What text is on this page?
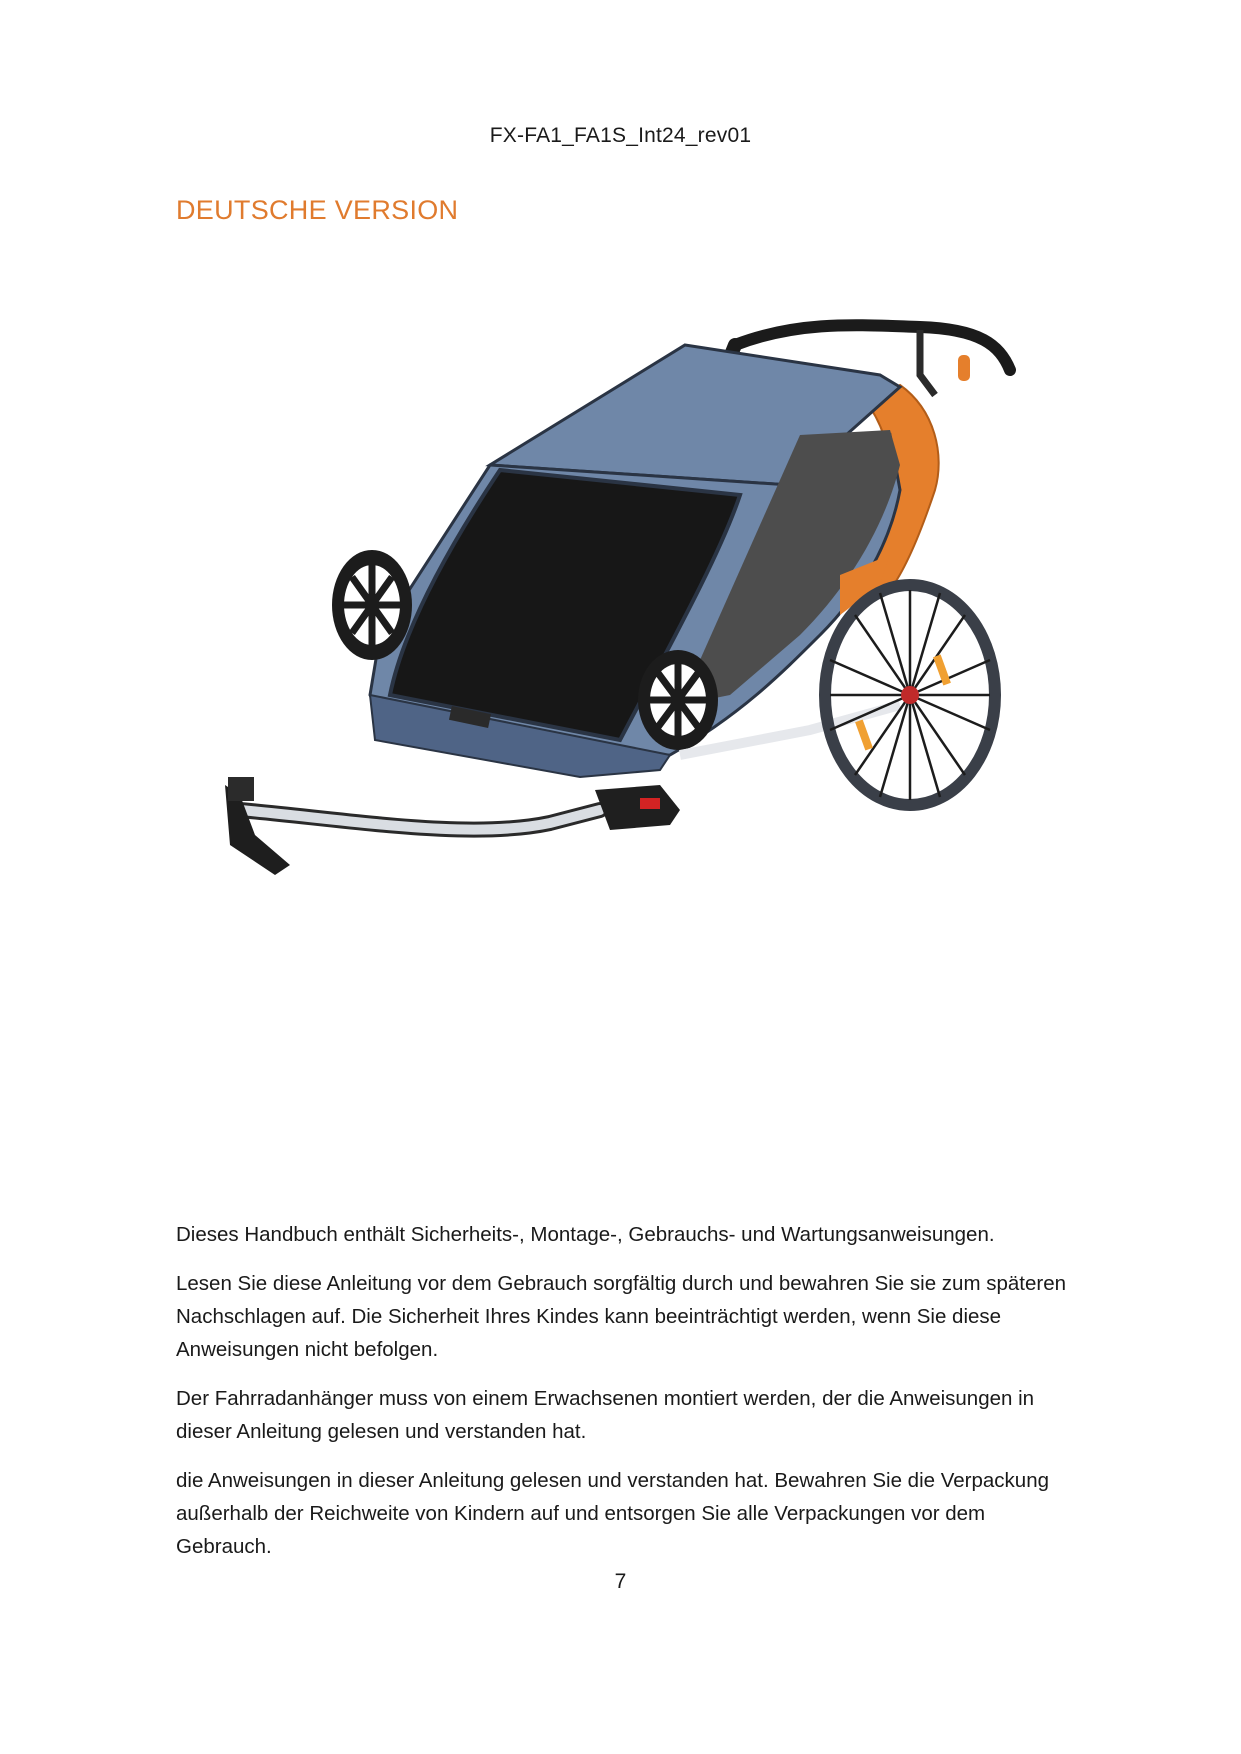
FX-FA1_FA1S_Int24_rev01
DEUTSCHE VERSION

Dieses Handbuch enthält Sicherheits-, Montage-, Gebrauchs- und Wartungsanweisungen.

Lesen Sie diese Anleitung vor dem Gebrauch sorgfältig durch und bewahren Sie sie zum späteren Nachschlagen auf. Die Sicherheit Ihres Kindes kann beeinträchtigt werden, wenn Sie diese Anweisungen nicht befolgen.

Der Fahrradanhänger muss von einem Erwachsenen montiert werden, der die Anweisungen in dieser Anleitung gelesen und verstanden hat.

die Anweisungen in dieser Anleitung gelesen und verstanden hat. Bewahren Sie die Verpackung außerhalb der Reichweite von Kindern auf und entsorgen Sie alle Verpackungen vor dem Gebrauch.

7
